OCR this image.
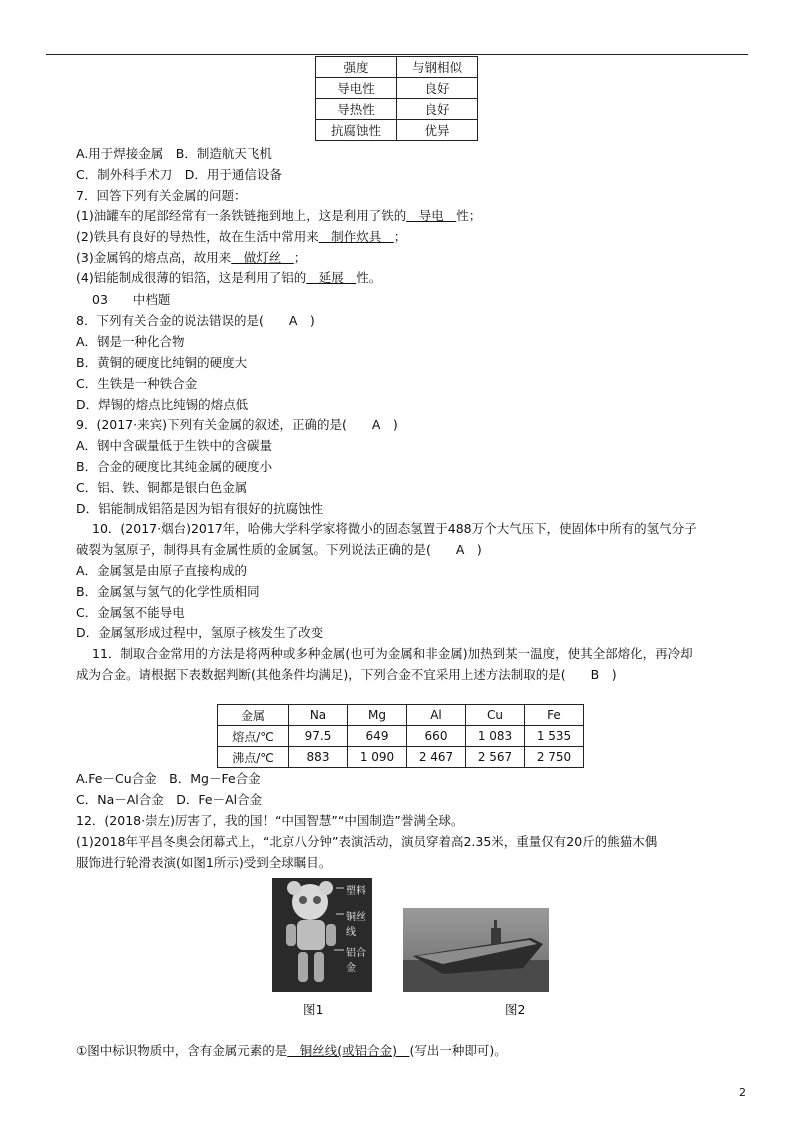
强度	与钢相似
导电性	良好
导热性	良好
抗腐蚀性	优异
A.用于焊接金属　B．制造航天飞机
C．制外科手术刀　D．用于通信设备
7．回答下列有关金属的问题：
(1)油罐车的尾部经常有一条铁链拖到地上，这是利用了铁的　导电　性；
(2)铁具有良好的导热性，故在生活中常用来　制作炊具　；
(3)金属钨的熔点高，故用来　做灯丝　；
(4)铝能制成很薄的铝箔，这是利用了铝的　延展　性。
03　　中档题
8．下列有关合金的说法错误的是(　　A　)
A．钢是一种化合物
B．黄铜的硬度比纯铜的硬度大
C．生铁是一种铁合金
D．焊锡的熔点比纯锡的熔点低
9．(2017·来宾)下列有关金属的叙述，正确的是(　　A　)
A．钢中含碳量低于生铁中的含碳量
B．合金的硬度比其纯金属的硬度小
C．铝、铁、铜都是银白色金属
D．铝能制成铝箔是因为铝有很好的抗腐蚀性
10．(2017·烟台)2017年，哈佛大学科学家将微小的固态氢置于488万个大气压下，使固体中所有的氢气分子
破裂为氢原子，制得具有金属性质的金属氢。下列说法正确的是(　　A　)
A．金属氢是由原子直接构成的
B．金属氢与氢气的化学性质相同
C．金属氢不能导电
D．金属氢形成过程中，氢原子核发生了改变
11．制取合金常用的方法是将两种或多种金属(也可为金属和非金属)加热到某一温度，使其全部熔化，再冷却
成为合金。请根据下表数据判断(其他条件均满足)，下列合金不宜采用上述方法制取的是(　　B　)
金属	Na	Mg	Al	Cu	Fe
熔点/℃	97.5	649	660	1 083	1 535
沸点/℃	883	1 090	2 467	2 567	2 750
A.Fe－Cu合金　B．Mg－Fe合金
C．Na－Al合金　D．Fe－Al合金
12．(2018·崇左)厉害了，我的国！“中国智慧”“中国制造”誉满全球。
(1)2018年平昌冬奥会闭幕式上，“北京八分钟”表演活动，演员穿着高2.35米，重量仅有20斤的熊猫木偶
服饰进行轮滑表演(如图1所示)受到全球瞩目。
塑料
铜丝线
铝合金
图1	图2
①图中标识物质中，含有金属元素的是　铜丝线(或铝合金)　(写出一种即可)。
2
